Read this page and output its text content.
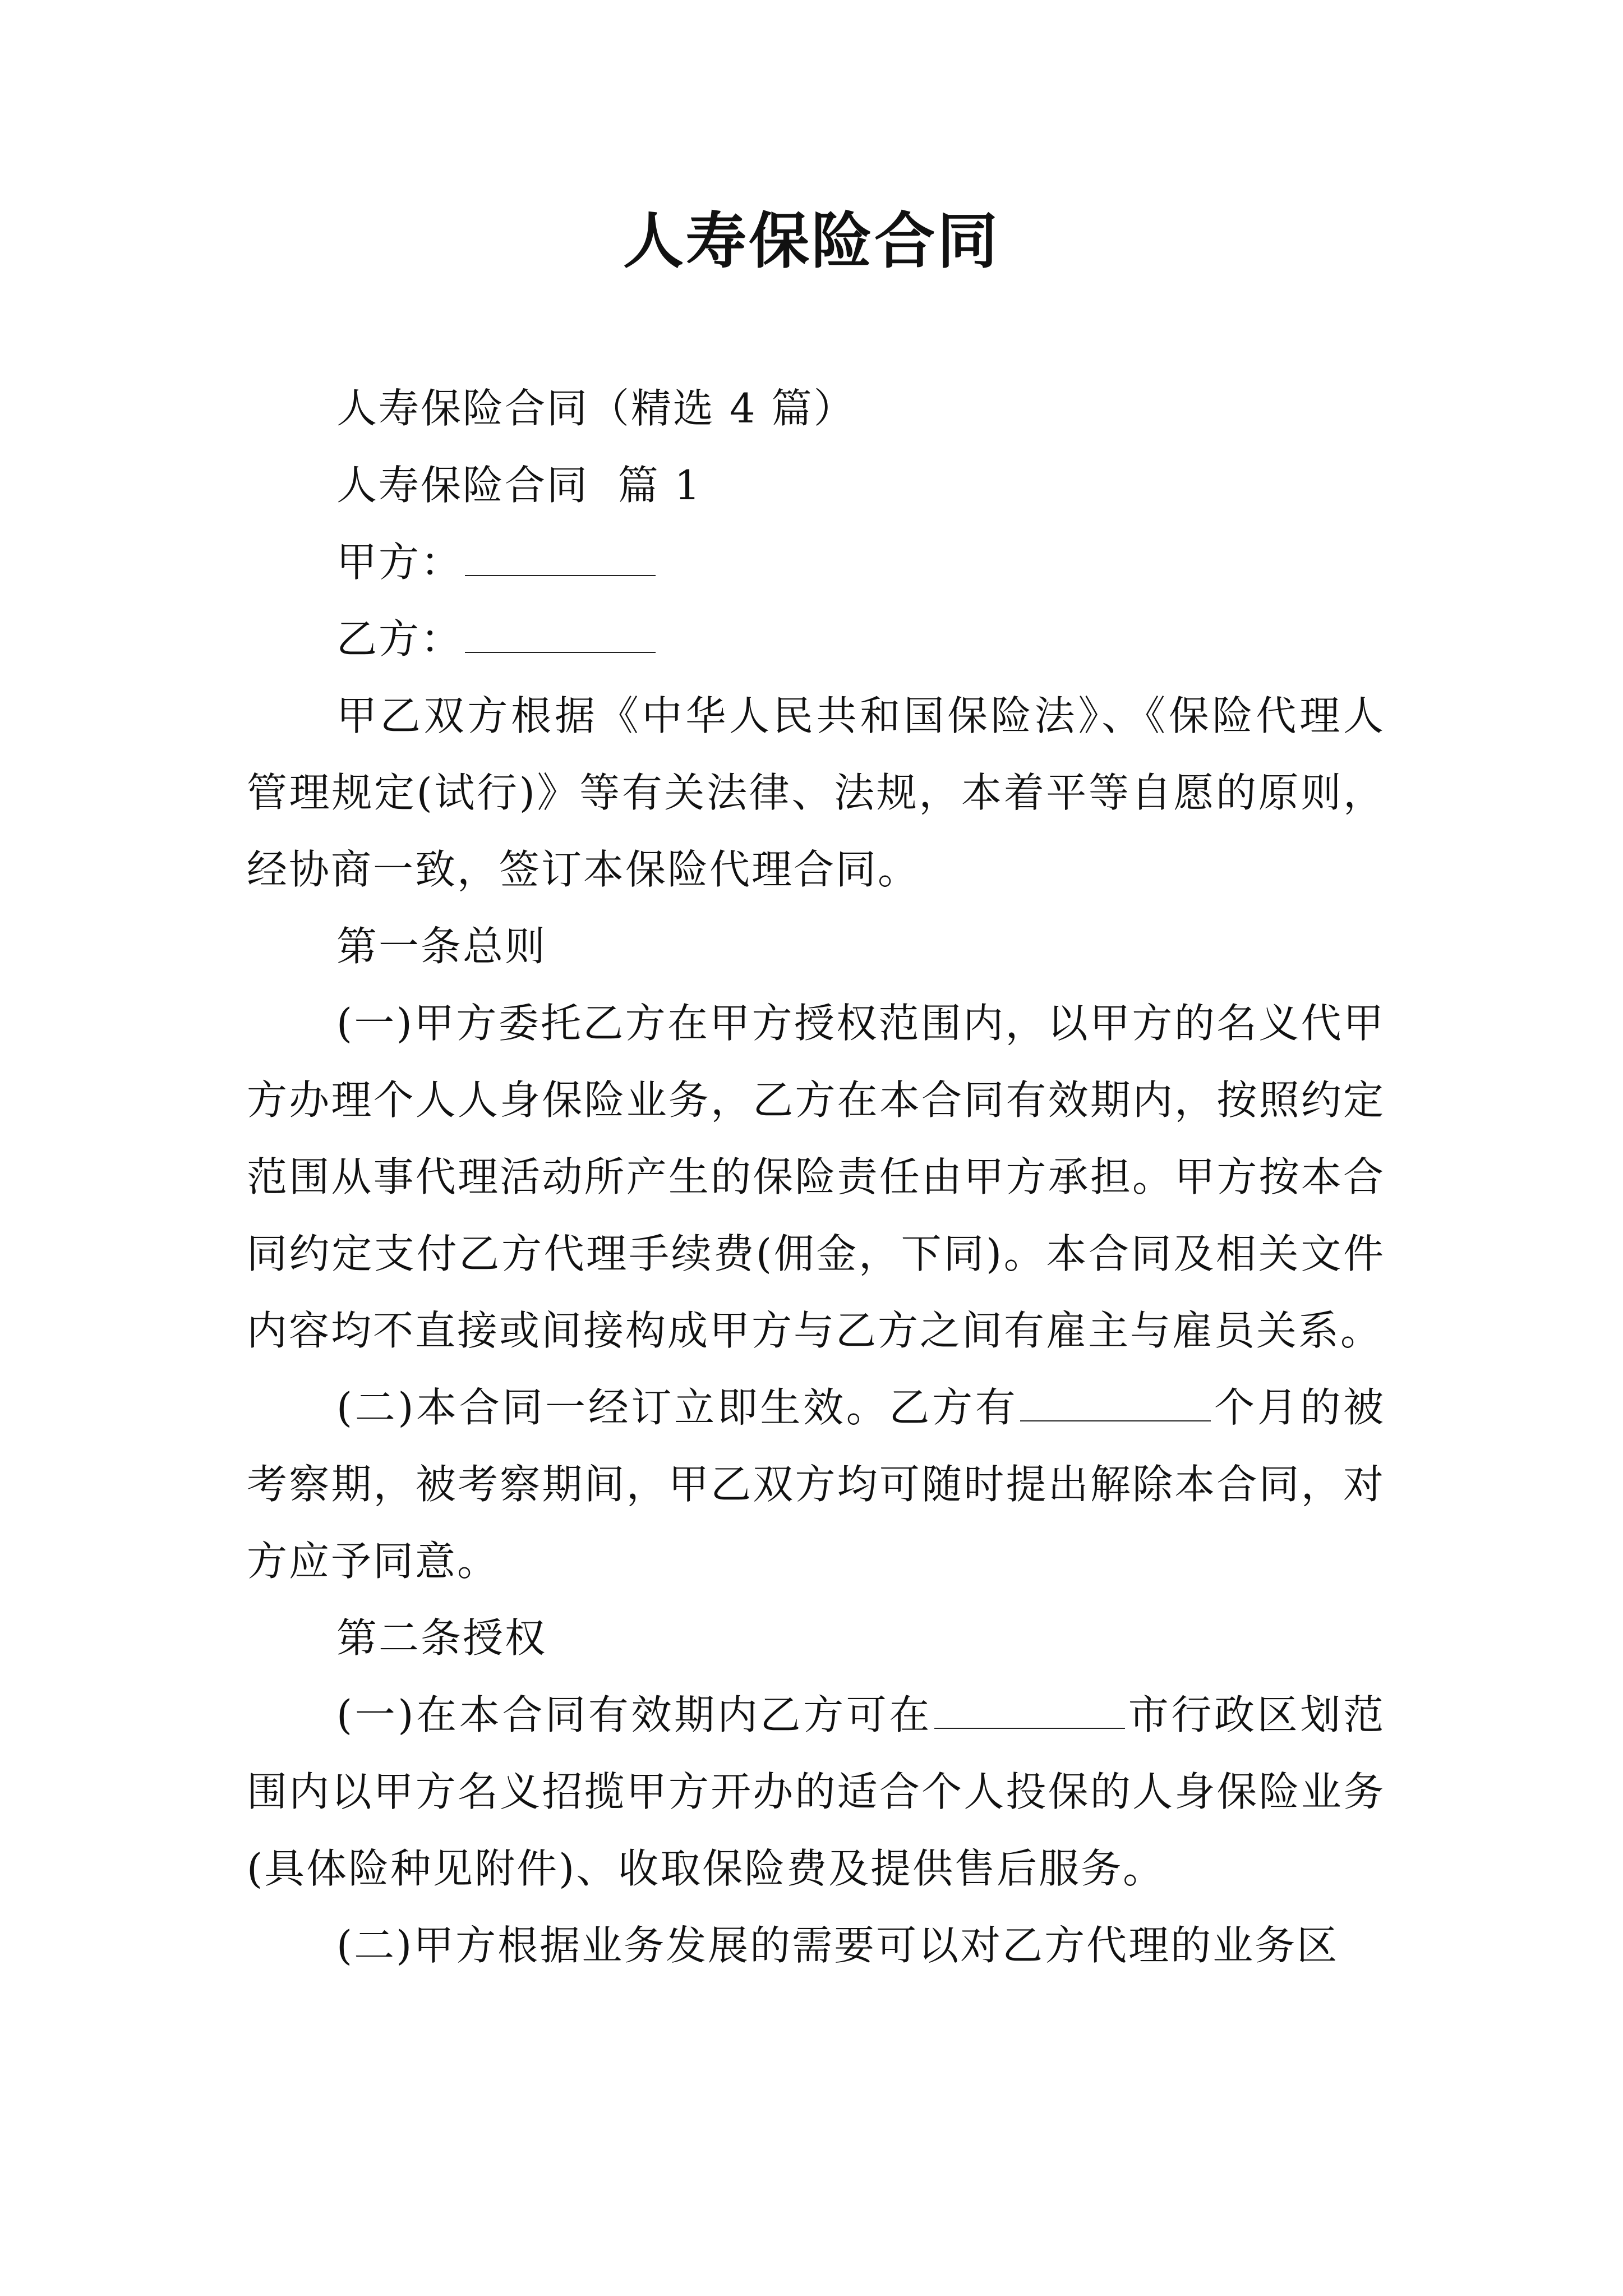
人寿保险合同

人寿保险合同（精选 4 篇）

人寿保险合同  篇 1

甲方：

乙方：

甲乙双方根据《中华人民共和国保险法》、《保险代理人管理规定(试行)》等有关法律、法规，本着平等自愿的原则，经协商一致，签订本保险代理合同。

第一条总则

(一)甲方委托乙方在甲方授权范围内，以甲方的名义代甲方办理个人人身保险业务，乙方在本合同有效期内，按照约定范围从事代理活动所产生的保险责任由甲方承担。甲方按本合同约定支付乙方代理手续费(佣金，下同)。本合同及相关文件内容均不直接或间接构成甲方与乙方之间有雇主与雇员关系。

(二)本合同一经订立即生效。乙方有	个月的被考察期，被考察期间，甲乙双方均可随时提出解除本合同，对方应予同意。

第二条授权

(一)在本合同有效期内乙方可在	市行政区划范围内以甲方名义招揽甲方开办的适合个人投保的人身保险业务(具体险种见附件)、收取保险费及提供售后服务。

(二)甲方根据业务发展的需要可以对乙方代理的业务区
